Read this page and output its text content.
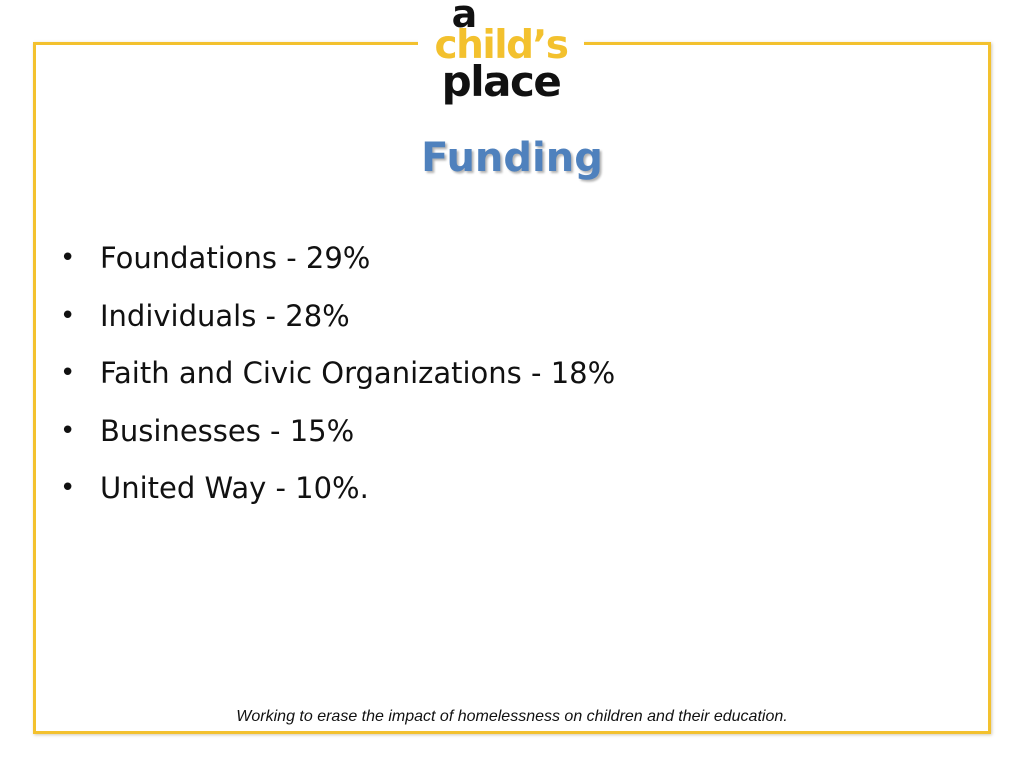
a
child’s
place
Funding
• Foundations - 29%
• Individuals - 28%
• Faith and Civic Organizations - 18%
• Businesses - 15%
• United Way - 10%.
Working to erase the impact of homelessness on children and their education.
